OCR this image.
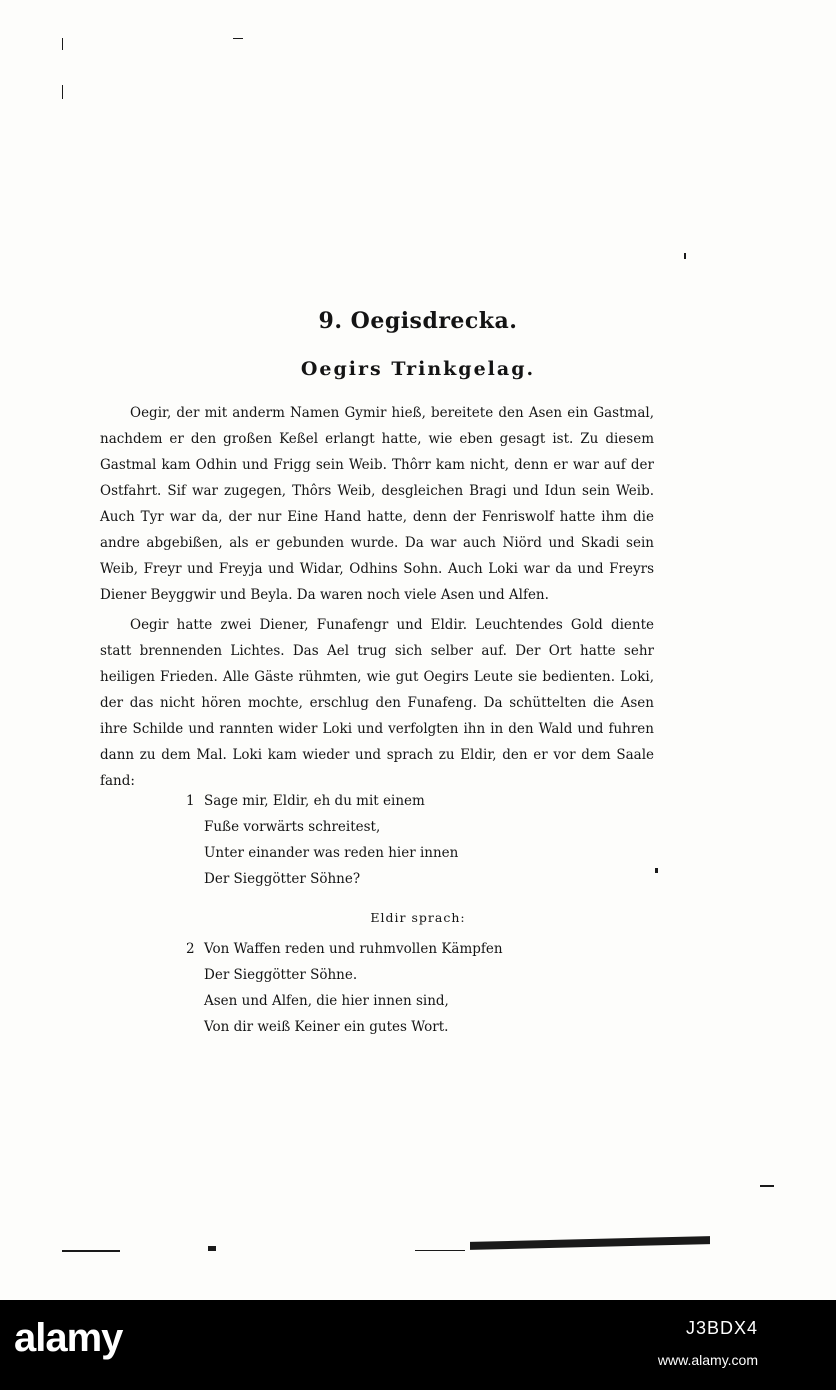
9. Oegisdrecka.
Oegirs Trinkgelag.

Oegir, der mit anderm Namen Gymir hieß, bereitete den Asen ein Gastmal, nachdem er den großen Keßel erlangt hatte, wie eben gesagt ist. Zu diesem Gastmal kam Odhin und Frigg sein Weib. Thôrr kam nicht, denn er war auf der Ostfahrt. Sif war zugegen, Thôrs Weib, desgleichen Bragi und Idun sein Weib. Auch Tyr war da, der nur Eine Hand hatte, denn der Fenriswolf hatte ihm die andre abgebißen, als er gebunden wurde. Da war auch Niörd und Skadi sein Weib, Freyr und Freyja und Widar, Odhins Sohn. Auch Loki war da und Freyrs Diener Beyggwir und Beyla. Da waren noch viele Asen und Alfen.

Oegir hatte zwei Diener, Funafengr und Eldir. Leuchtendes Gold diente statt brennenden Lichtes. Das Ael trug sich selber auf. Der Ort hatte sehr heiligen Frieden. Alle Gäste rühmten, wie gut Oegirs Leute sie bedienten. Loki, der das nicht hören mochte, erschlug den Funafeng. Da schüttelten die Asen ihre Schilde und rannten wider Loki und verfolgten ihn in den Wald und fuhren dann zu dem Mal. Loki kam wieder und sprach zu Eldir, den er vor dem Saale fand:

1 Sage mir, Eldir, eh du mit einem
Fuße vorwärts schreitest,
Unter einander was reden hier innen
Der Sieggötter Söhne?

Eldir sprach:

2 Von Waffen reden und ruhmvollen Kämpfen
Der Sieggötter Söhne.
Asen und Alfen, die hier innen sind,
Von dir weiß Keiner ein gutes Wort.
alamy	J3BDX4
www.alamy.com
